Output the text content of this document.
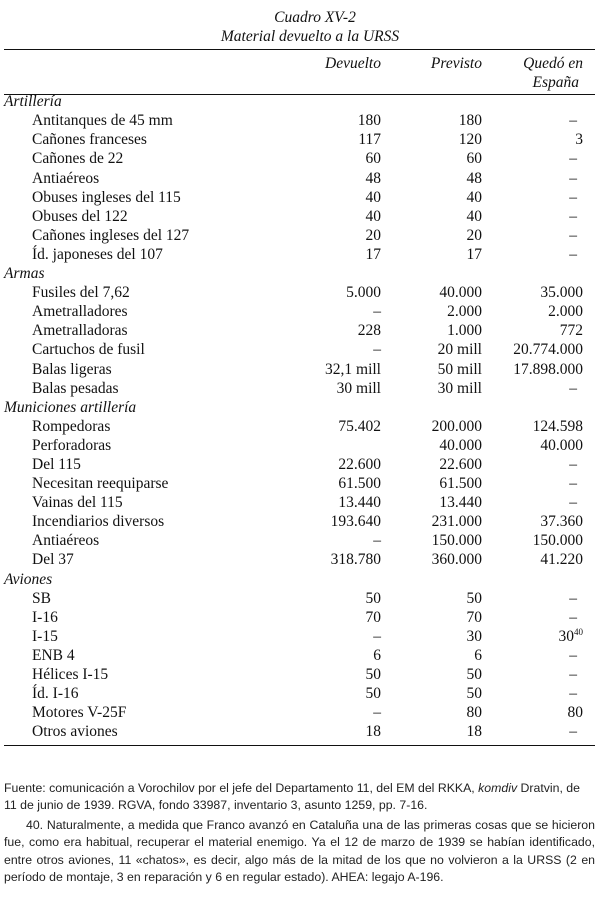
Cuadro XV-2
Material devuelto a la URSS
	Devuelto	Previsto	Quedó en
			España
Artillería			
Antitanques de 45 mm	180	180	–
Cañones franceses	117	120	3
Cañones de 22	60	60	–
Antiaéreos	48	48	–
Obuses ingleses del 115	40	40	–
Obuses del 122	40	40	–
Cañones ingleses del 127	20	20	–
Íd. japoneses del 107	17	17	–
Armas			
Fusiles del 7,62	5.000	40.000	35.000
Ametralladores	–	2.000	2.000
Ametralladoras	228	1.000	772
Cartuchos de fusil	–	20 mill	20.774.000
Balas ligeras	32,1 mill	50 mill	17.898.000
Balas pesadas	30 mill	30 mill	–
Municiones artillería			
Rompedoras	75.402	200.000	124.598
Perforadoras		40.000	40.000
Del 115	22.600	22.600	–
Necesitan reequiparse	61.500	61.500	–
Vainas del 115	13.440	13.440	–
Incendiarios diversos	193.640	231.000	37.360
Antiaéreos	–	150.000	150.000
Del 37	318.780	360.000	41.220
Aviones			
SB	50	50	–
I-16	70	70	–
I-15	–	30	$30^{40}$
ENB 4	6	6	–
Hélices I-15	50	50	–
Íd. I-16	50	50	–
Motores V-25F	–	80	80
Otros aviones	18	18	–
Fuente: comunicación a Vorochilov por el jefe del Departamento 11, del EM del RKKA, komdiv Dratvin, de 11 de junio de 1939. RGVA, fondo 33987, inventario 3, asunto 1259, pp. 7-16.
40. Naturalmente, a medida que Franco avanzó en Cataluña una de las primeras cosas que se hicieron fue, como era habitual, recuperar el material enemigo. Ya el 12 de marzo de 1939 se habían identificado, entre otros aviones, 11 «chatos», es decir, algo más de la mitad de los que no volvieron a la URSS (2 en período de montaje, 3 en reparación y 6 en regular estado). AHEA: legajo A-196.
